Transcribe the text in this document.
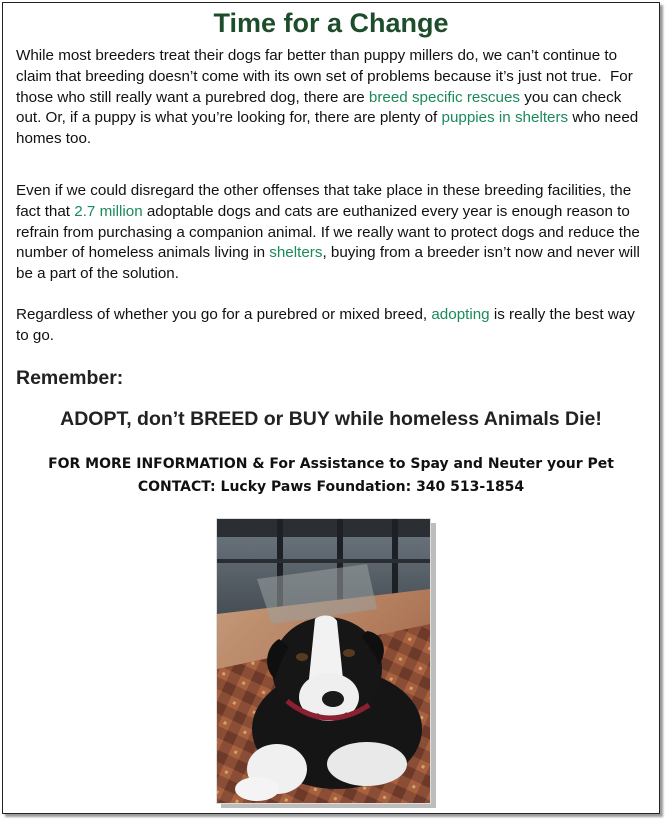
Time for a Change

While most breeders treat their dogs far better than puppy millers do, we can’t continue to claim that breeding doesn’t come with its own set of problems because it’s just not true.  For those who still really want a purebred dog, there are breed specific rescues you can check out. Or, if a puppy is what you’re looking for, there are plenty of puppies in shelters who need homes too.

Even if we could disregard the other offenses that take place in these breeding facilities, the fact that 2.7 million adoptable dogs and cats are euthanized every year is enough reason to refrain from purchasing a companion animal. If we really want to protect dogs and reduce the number of homeless animals living in shelters, buying from a breeder isn’t now and never will be a part of the solution.

Regardless of whether you go for a purebred or mixed breed, adopting is really the best way to go.

Remember:
ADOPT, don’t BREED or BUY while homeless Animals Die!
FOR MORE INFORMATION & For Assistance to Spay and Neuter your Pet
CONTACT: Lucky Paws Foundation: 340 513-1854
